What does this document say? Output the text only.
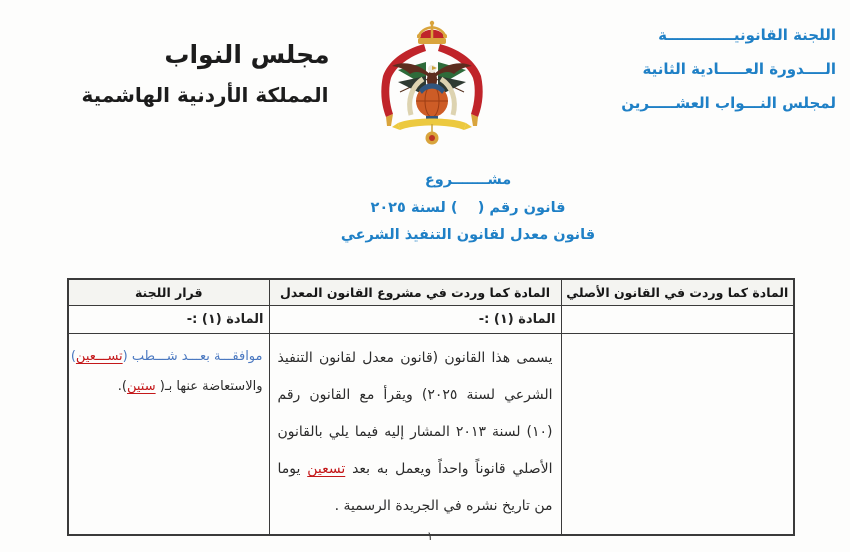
مجلس النواب
المملكة الأردنية الهاشمية
اللجنة القانونيـــــــــــــة
الــــدورة العـــــادية الثانية
لمجلس النـــواب العشـــــرين
مشـــــــروع
قانون رقم (    ) لسنة ٢٠٢٥
قانون معدل لقانون التنفيذ الشرعي
المادة كما وردت في القانون الأصلي	المادة كما وردت في مشروع القانون المعدل	قرار اللجنة
	المادة (١) :-	المادة (١) :-

	يسمى هذا القانون (قانون معدل لقانون التنفيذ الشرعي لسنة ٢٠٢٥) ويقرأ مع القانون رقم (١٠) لسنة ٢٠١٣ المشار إليه فيما يلي بالقانون الأصلي قانوناً واحداً ويعمل به بعد تسعين يوما من تاريخ نشره في الجريدة الرسمية .	موافقـــة بعـــد شـــطب (تســـعين)
والاستعاضة عنها بـ( ستين).
١
